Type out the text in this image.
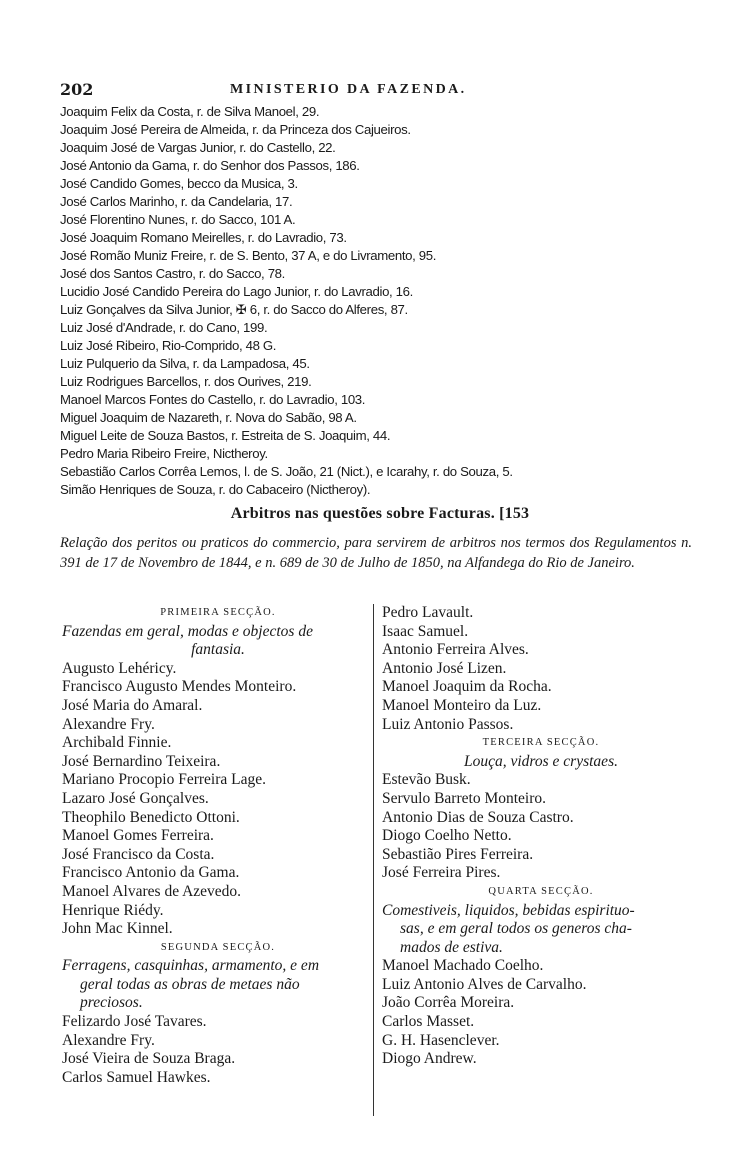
202	MINISTERIO DA FAZENDA.
Joaquim Felix da Costa, r. de Silva Manoel, 29.
Joaquim José Pereira de Almeida, r. da Princeza dos Cajueiros.
Joaquim José de Vargas Junior, r. do Castello, 22.
José Antonio da Gama, r. do Senhor dos Passos, 186.
José Candido Gomes, becco da Musica, 3.
José Carlos Marinho, r. da Candelaria, 17.
José Florentino Nunes, r. do Sacco, 101 A.
José Joaquim Romano Meirelles, r. do Lavradio, 73.
José Romão Muniz Freire, r. de S. Bento, 37 A, e do Livramento, 95.
José dos Santos Castro, r. do Sacco, 78.
Lucidio José Candido Pereira do Lago Junior, r. do Lavradio, 16.
Luiz Gonçalves da Silva Junior, ✠ 6, r. do Sacco do Alferes, 87.
Luiz José d'Andrade, r. do Cano, 199.
Luiz José Ribeiro, Rio-Comprido, 48 G.
Luiz Pulquerio da Silva, r. da Lampadosa, 45.
Luiz Rodrigues Barcellos, r. dos Ourives, 219.
Manoel Marcos Fontes do Castello, r. do Lavradio, 103.
Miguel Joaquim de Nazareth, r. Nova do Sabão, 98 A.
Miguel Leite de Souza Bastos, r. Estreita de S. Joaquim, 44.
Pedro Maria Ribeiro Freire, Nictheroy.
Sebastião Carlos Corrêa Lemos, l. de S. João, 21 (Nict.), e Icarahy, r. do Souza, 5.
Simão Henriques de Souza, r. do Cabaceiro (Nictheroy).
Arbitros nas questões sobre Facturas. [153
Relação dos peritos ou praticos do commercio, para servirem de arbitros nos termos dos Regulamentos n. 391 de 17 de Novembro de 1844, e n. 689 de 30 de Julho de 1850, na Alfandega do Rio de Janeiro.
PRIMEIRA SECÇÃO.
Fazendas em geral, modas e objectos de
fantasia.
Augusto Lehéricy.
Francisco Augusto Mendes Monteiro.
José Maria do Amaral.
Alexandre Fry.
Archibald Finnie.
José Bernardino Teixeira.
Mariano Procopio Ferreira Lage.
Lazaro José Gonçalves.
Theophilo Benedicto Ottoni.
Manoel Gomes Ferreira.
José Francisco da Costa.
Francisco Antonio da Gama.
Manoel Alvares de Azevedo.
Henrique Riédy.
John Mac Kinnel.
SEGUNDA SECÇÃO.
Ferragens, casquinhas, armamento, e em
geral todas as obras de metaes não
preciosos.
Felizardo José Tavares.
Alexandre Fry.
José Vieira de Souza Braga.
Carlos Samuel Hawkes.
Pedro Lavault.
Isaac Samuel.
Antonio Ferreira Alves.
Antonio José Lizen.
Manoel Joaquim da Rocha.
Manoel Monteiro da Luz.
Luiz Antonio Passos.
TERCEIRA SECÇÃO.
Louça, vidros e crystaes.
Estevão Busk.
Servulo Barreto Monteiro.
Antonio Dias de Souza Castro.
Diogo Coelho Netto.
Sebastião Pires Ferreira.
José Ferreira Pires.
QUARTA SECÇÃO.
Comestiveis, liquidos, bebidas espirituo-
sas, e em geral todos os generos cha-
mados de estiva.
Manoel Machado Coelho.
Luiz Antonio Alves de Carvalho.
João Corrêa Moreira.
Carlos Masset.
G. H. Hasenclever.
Diogo Andrew.
